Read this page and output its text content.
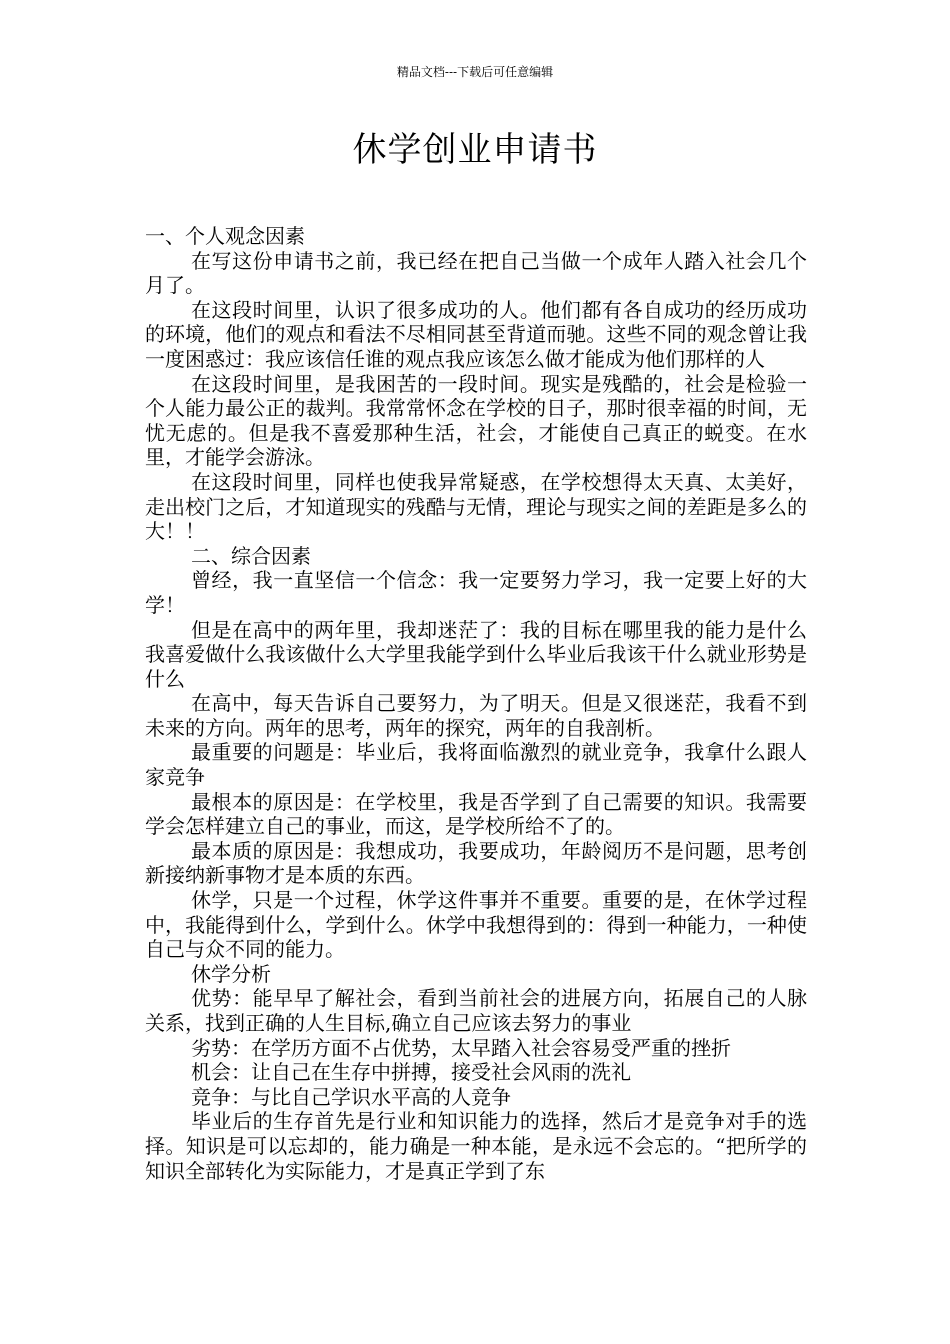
精品文档---下载后可任意编辑
休学创业申请书

一、个人观念因素

在写这份申请书之前，我已经在把自己当做一个成年人踏入社会几个月了。

在这段时间里，认识了很多成功的人。他们都有各自成功的经历成功的环境，他们的观点和看法不尽相同甚至背道而驰。这些不同的观念曾让我一度困惑过：我应该信任谁的观点我应该怎么做才能成为他们那样的人

在这段时间里，是我困苦的一段时间。现实是残酷的，社会是检验一个人能力最公正的裁判。我常常怀念在学校的日子，那时很幸福的时间，无忧无虑的。但是我不喜爱那种生活，社会，才能使自己真正的蜕变。在水里，才能学会游泳。

在这段时间里，同样也使我异常疑惑，在学校想得太天真、太美好，走出校门之后，才知道现实的残酷与无情，理论与现实之间的差距是多么的大！！

二、综合因素

曾经，我一直坚信一个信念：我一定要努力学习，我一定要上好的大学！

但是在高中的两年里，我却迷茫了：我的目标在哪里我的能力是什么我喜爱做什么我该做什么大学里我能学到什么毕业后我该干什么就业形势是什么

在高中，每天告诉自己要努力，为了明天。但是又很迷茫，我看不到未来的方向。两年的思考，两年的探究，两年的自我剖析。

最重要的问题是：毕业后，我将面临激烈的就业竞争，我拿什么跟人家竞争

最根本的原因是：在学校里，我是否学到了自己需要的知识。我需要学会怎样建立自己的事业，而这，是学校所给不了的。

最本质的原因是：我想成功，我要成功，年龄阅历不是问题，思考创新接纳新事物才是本质的东西。

休学，只是一个过程，休学这件事并不重要。重要的是，在休学过程中，我能得到什么，学到什么。休学中我想得到的：得到一种能力，一种使自己与众不同的能力。

休学分析

优势：能早早了解社会，看到当前社会的进展方向，拓展自己的人脉关系，找到正确的人生目标,确立自己应该去努力的事业

劣势：在学历方面不占优势，太早踏入社会容易受严重的挫折

机会：让自己在生存中拼搏，接受社会风雨的洗礼

竞争：与比自己学识水平高的人竞争

毕业后的生存首先是行业和知识能力的选择，然后才是竞争对手的选择。知识是可以忘却的，能力确是一种本能，是永远不会忘的。“把所学的知识全部转化为实际能力，才是真正学到了东
